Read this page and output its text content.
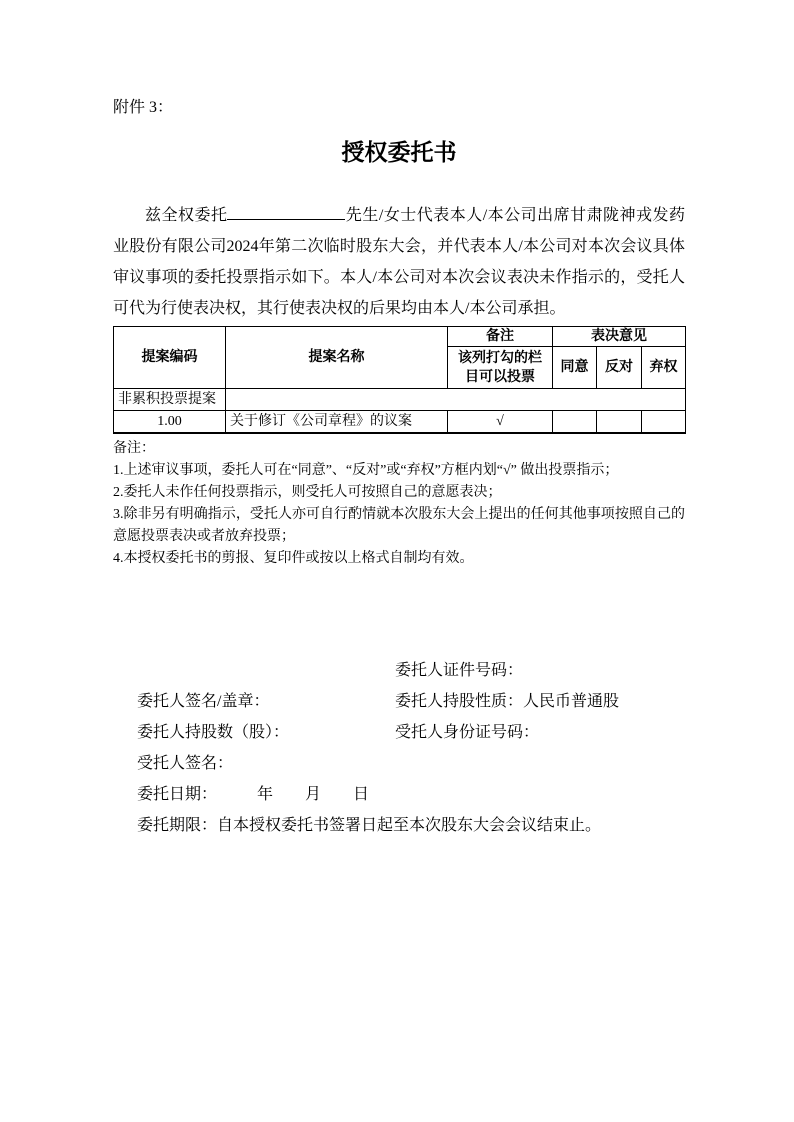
附件 3：
授权委托书

兹全权委托	先生/女士代表本人/本公司出席甘肃陇神戎发药业股份有限公司2024年第二次临时股东大会，并代表本人/本公司对本次会议具体审议事项的委托投票指示如下。本人/本公司对本次会议表决未作指示的，受托人可代为行使表决权，其行使表决权的后果均由本人/本公司承担。

提案编码	提案名称	备注	表决意见		
		该列打勾的栏目可以投票	同意	反对	弃权
非累积投票提案					
1.00	关于修订《公司章程》的议案	√			
备注：
1.上述审议事项，委托人可在“同意”、“反对”或“弃权”方框内划“√” 做出投票指示；
2.委托人未作任何投票指示，则受托人可按照自己的意愿表决；
3.除非另有明确指示，受托人亦可自行酌情就本次股东大会上提出的任何其他事项按照自己的意愿投票表决或者放弃投票；
4.本授权委托书的剪报、复印件或按以上格式自制均有效。

委托人签名/盖章：

委托人证件号码：

委托人持股数（股）：

委托人持股性质：人民币普通股

受托人签名：

受托人身份证号码：

委托日期：　　　年　　月　　日

委托期限：自本授权委托书签署日起至本次股东大会会议结束止。
